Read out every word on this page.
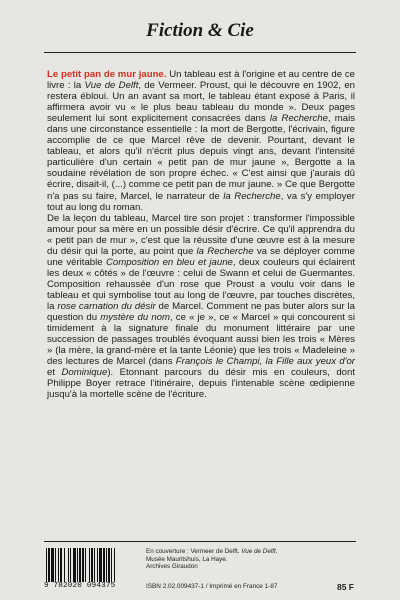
Fiction & Cie

Le petit pan de mur jaune. Un tableau est à l'origine et au centre de ce livre : la Vue de Delft, de Vermeer. Proust, qui le découvre en 1902, en restera ébloui. Un an avant sa mort, le tableau étant exposé à Paris, il affirmera avoir vu « le plus beau tableau du monde ». Deux pages seulement lui sont explicitement consacrées dans la Recherche, mais dans une circonstance essentielle : la mort de Bergotte, l'écrivain, figure accomplie de ce que Marcel rêve de devenir. Pourtant, devant le tableau, et alors qu'il n'écrit plus depuis vingt ans, devant l'intensité particulière d'un certain « petit pan de mur jaune », Bergotte a la soudaine révélation de son propre échec. « C'est ainsi que j'aurais dû écrire, disait-il, (...) comme ce petit pan de mur jaune. » Ce que Bergotte n'a pas su faire, Marcel, le narrateur de la Recherche, va s'y employer tout au long du roman.

De la leçon du tableau, Marcel tire son projet : transformer l'impossible amour pour sa mère en un possible désir d'écrire. Ce qu'il apprendra du « petit pan de mur », c'est que la réussite d'une œuvre est à la mesure du désir qui la porte, au point que la Recherche va se déployer comme une véritable Composition en bleu et jaune, deux couleurs qui éclairent les deux « côtés » de l'œuvre : celui de Swann et celui de Guermantes. Composition rehaussée d'un rose que Proust a voulu voir dans le tableau et qui symbolise tout au long de l'œuvre, par touches discrètes, la rose carnation du désir de Marcel. Comment ne pas buter alors sur la question du mystère du nom, ce « je », ce « Marcel » qui concourent si timidement à la signature finale du monument littéraire par une succession de passages troublés évoquant aussi bien les trois « Mères » (la mère, la grand-mère et la tante Léonie) que les trois « Madeleine » des lectures de Marcel (dans François le Champi, la Fille aux yeux d'or et Dominique). Etonnant parcours du désir mis en couleurs, dont Philippe Boyer retrace l'itinéraire, depuis l'intenable scène œdipienne jusqu'à la mortelle scène de l'écriture.

9 782020 094375
En couverture : Vermeer de Delft. Vue de Delft.
Musée Mauritshuis, La Haye.
Archives Giraudon
ISBN 2.02.009437-1 / Imprimé en France 1-87	85 F
